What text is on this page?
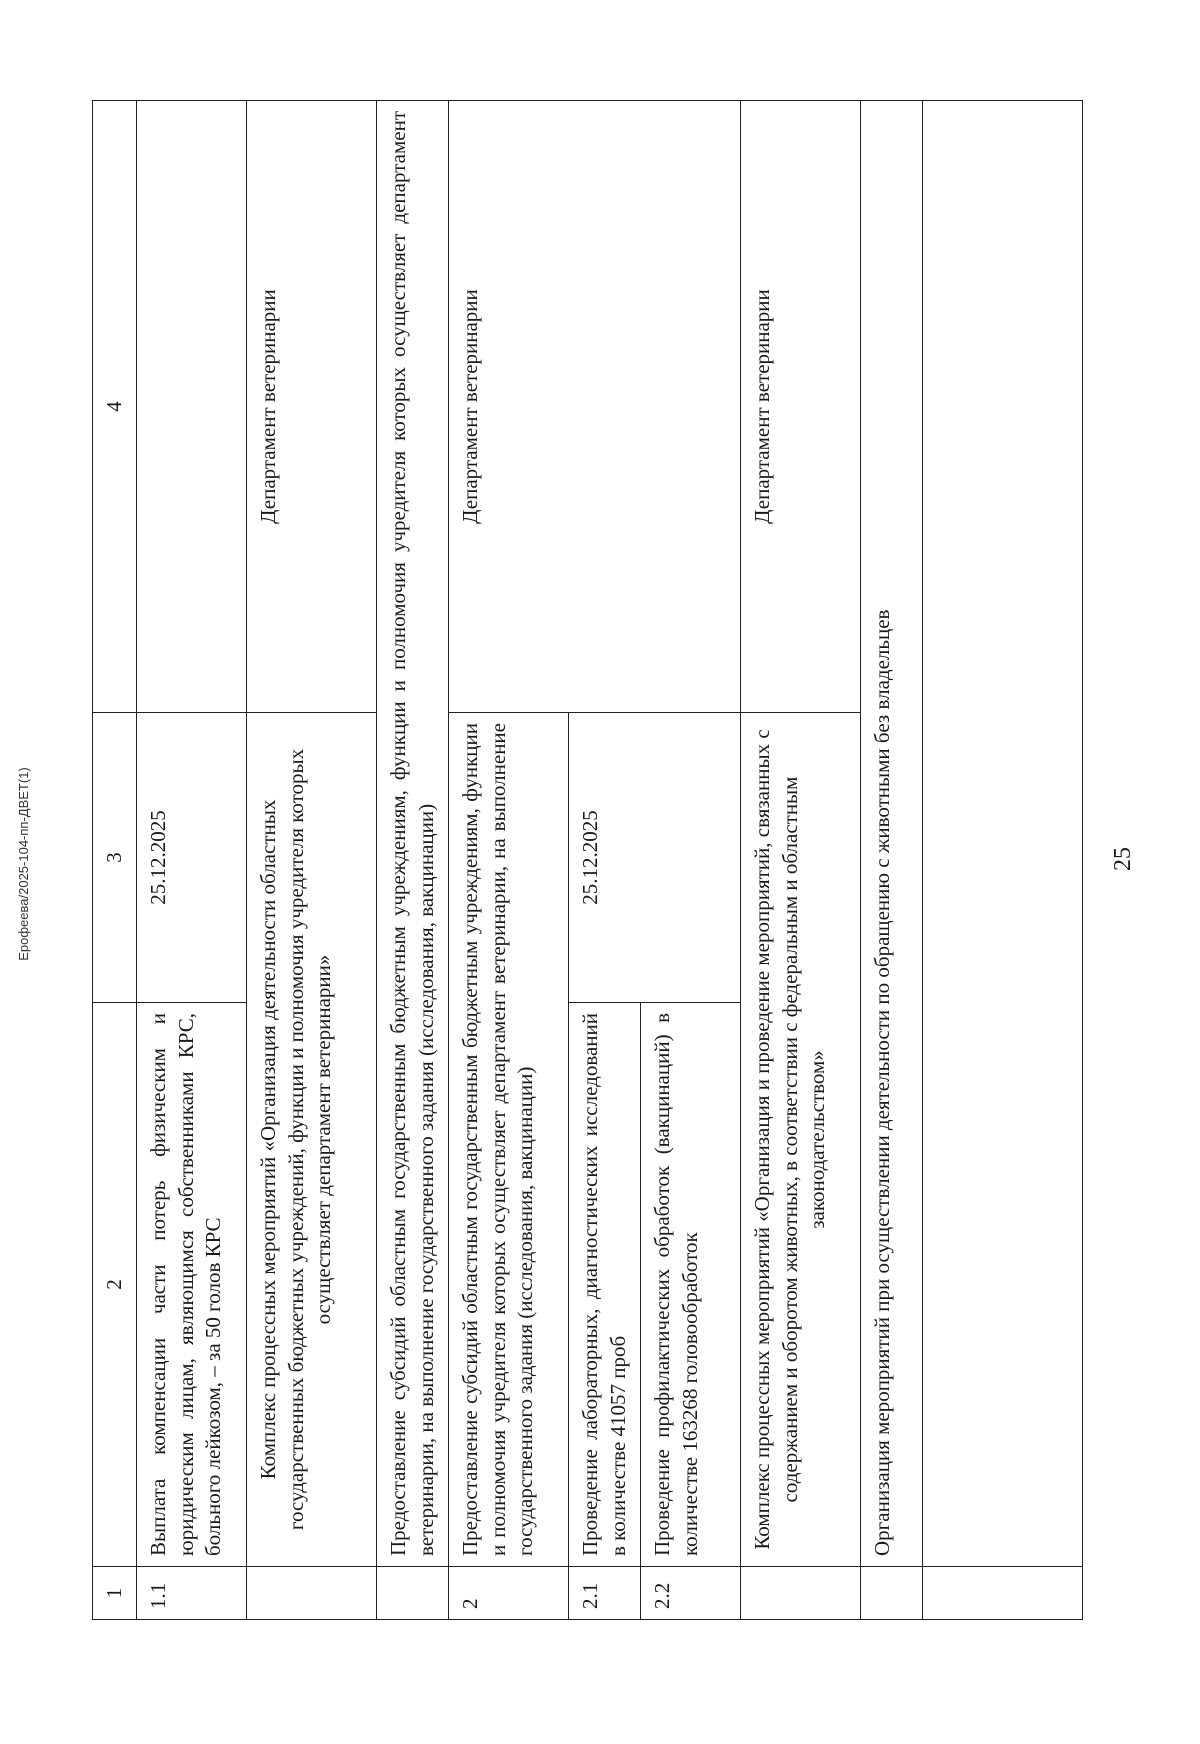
25
1	2	3	4
1.1	Выплата компенсации части потерь физическим и юридическим лицам, являющимся собственниками КРС, больного лейкозом, – за 50 голов КРС	25.12.2025	
	Комплекс процессных мероприятий «Организация деятельности областных государственных бюджетных учреждений, функции и полномочия учредителя которых осуществляет департамент ветеринарии»		Департамент ветеринарии
	Предоставление субсидий областным государственным бюджетным учреждениям, функции и полномочия учредителя которых осуществляет департамент ветеринарии, на выполнение государственного задания (исследования, вакцинации)		
2	Предоставление субсидий областным государственным бюджетным учреждениям, функции и полномочия учредителя которых осуществляет департамент ветеринарии, на выполнение государственного задания (исследования, вакцинации)		Департамент ветеринарии
2.1	Проведение лабораторных, диагностических исследований в количестве 41057 проб	25.12.2025	
2.2	Проведение профилактических обработок (вакцинаций) в количестве 163268 головообработок		
	Комплекс процессных мероприятий «Организация и проведение мероприятий, связанных с содержанием и оборотом животных, в соответствии с федеральным и областным законодательством»		Департамент ветеринарии
	Организация мероприятий при осуществлении деятельности по обращению с животными без владельцев		

Ерофеева/2025-104-пп-ДВЕТ(1)
